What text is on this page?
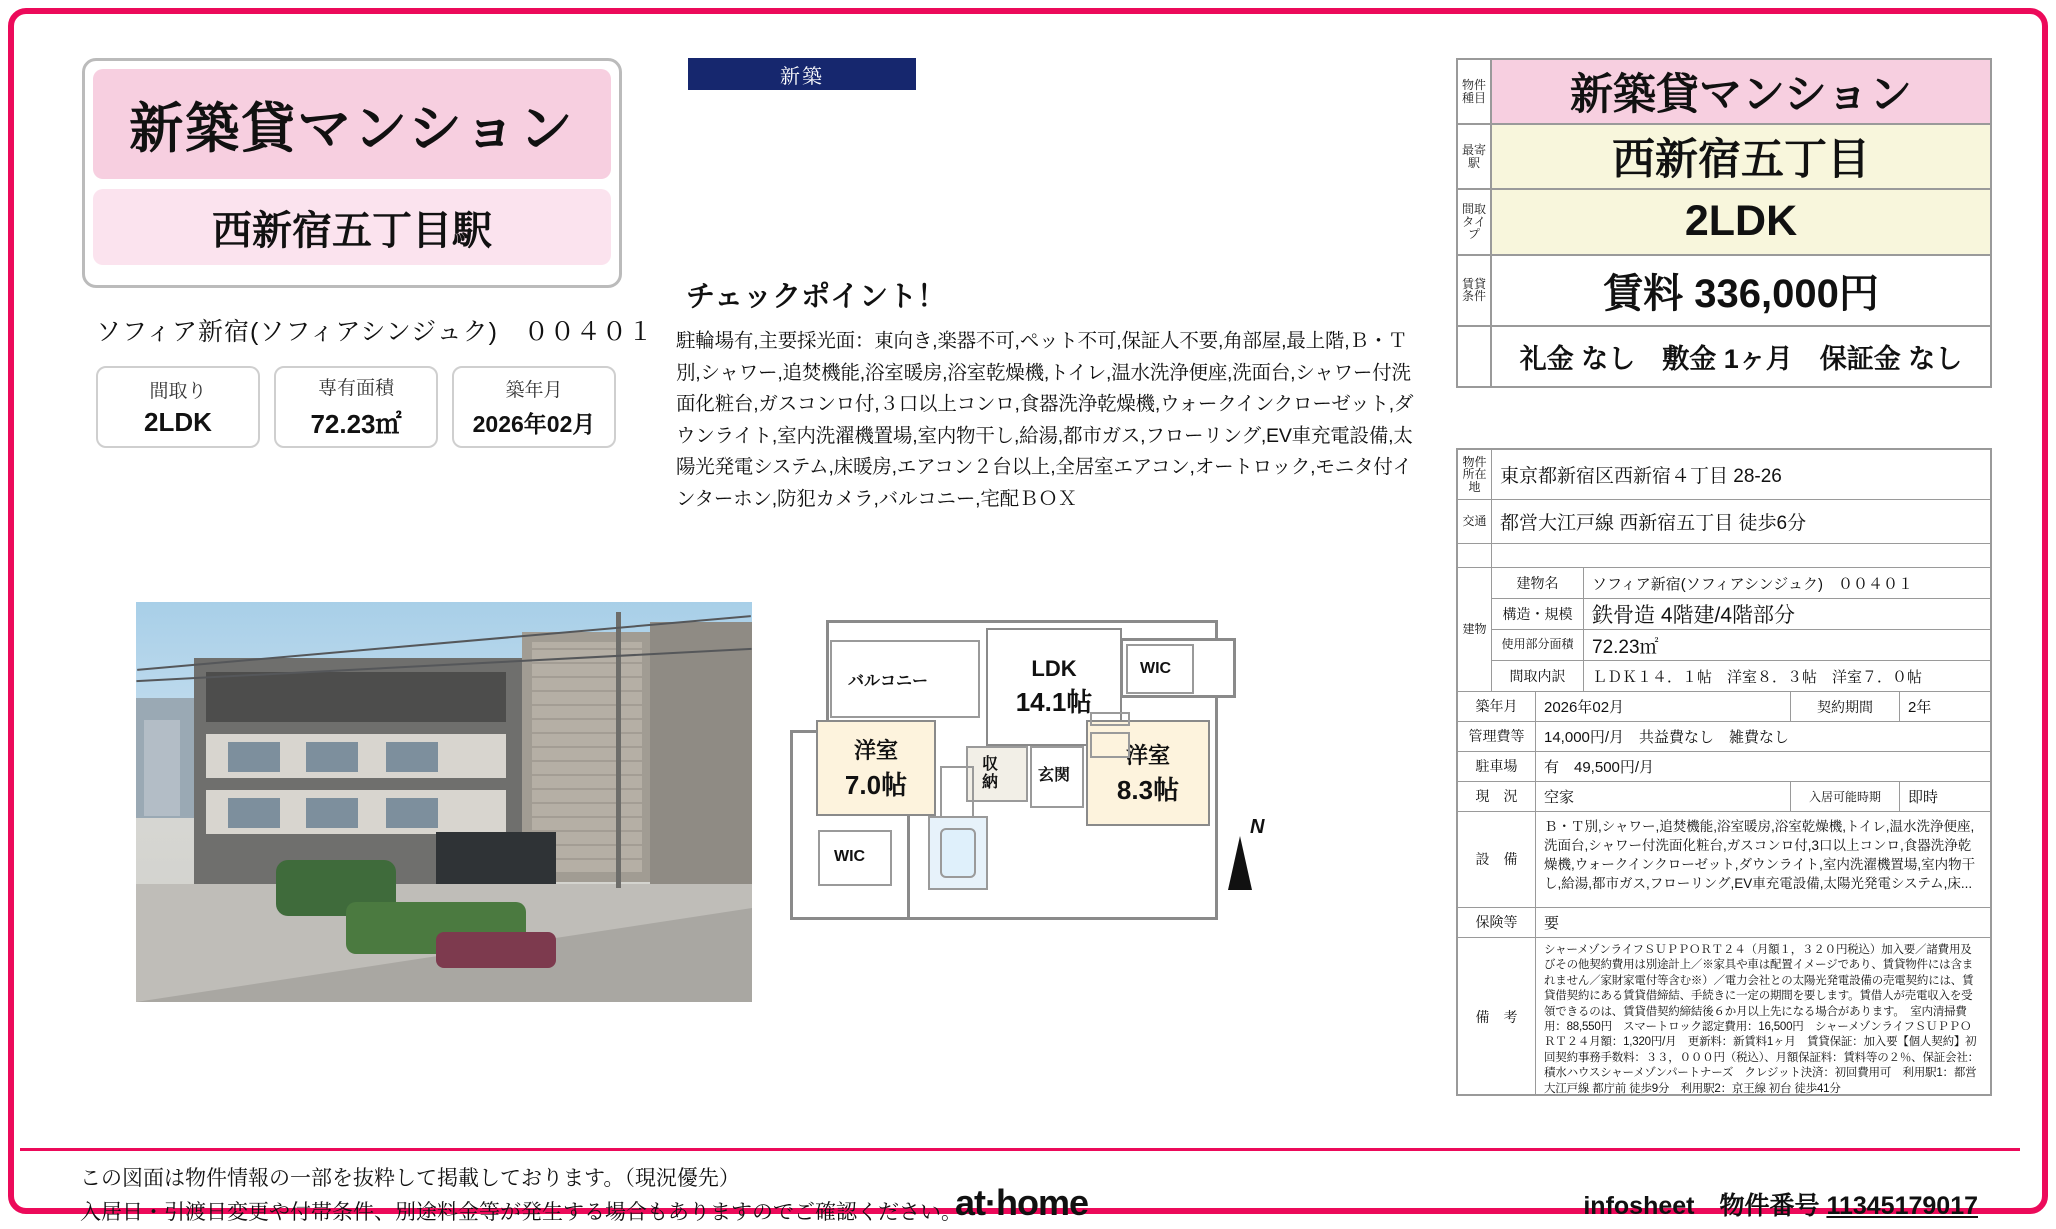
新築貸マンション
西新宿五丁目駅
ソフィア新宿(ソフィアシンジュク)　００４０１
間取り
2LDK
専有面積
72.23㎡
築年月
2026年02月
新築
チェックポイント！
駐輪場有,主要採光面：東向き,楽器不可,ペット不可,保証人不要,角部屋,最上階,Ｂ・Ｔ別,シャワー,追焚機能,浴室暖房,浴室乾燥機,トイレ,温水洗浄便座,洗面台,シャワー付洗面化粧台,ガスコンロ付,３口以上コンロ,食器洗浄乾燥機,ウォークインクローゼット,ダウンライト,室内洗濯機置場,室内物干し,給湯,都市ガス,フローリング,EV車充電設備,太陽光発電システム,床暖房,エアコン２台以上,全居室エアコン,オートロック,モニタ付インターホン,防犯カメラ,バルコニー,宅配ＢＯＸ
バルコニー
LDK
14.1帖
WIC
洋室
7.0帖
洋室
8.3帖
収納 玄関
WIC
N
物件種目	新築貸マンション
最寄駅	西新宿五丁目
間取タイプ	2LDK
賃貸条件	賃料 336,000円
礼金 なし　敷金 1ヶ月　保証金 なし
物件所在地	東京都新宿区西新宿４丁目 28-26
交通 都営大江戸線 西新宿五丁目 徒歩6分
建物
建物名	ソフィア新宿(ソフィアシンジュク)　００４０１
構造・規模 鉄骨造 4階建/4階部分
使用部分面積 72.23㎡
間取内訳	ＬＤＫ１４．１帖　洋室８．３帖　洋室７．０帖
築年月	2026年02月	契約期間	2年
管理費等	14,000円/月　共益費なし　雑費なし
駐車場	有　49,500円/月
現　況	空家	入居可能時期	即時
設　備
Ｂ・Ｔ別,シャワー,追焚機能,浴室暖房,浴室乾燥機,トイレ,温水洗浄便座,洗面台,シャワー付洗面化粧台,ガスコンロ付,3口以上コンロ,食器洗浄乾燥機,ウォークインクローゼット,ダウンライト,室内洗濯機置場,室内物干し,給湯,都市ガス,フローリング,EV車充電設備,太陽光発電システム,床...
保険等	要
備　考
シャーメゾンライフＳＵＰＰＯＲＴ２４（月額１，３２０円税込）加入要／諸費用及びその他契約費用は別途計上／※家具や車は配置イメージであり、賃貸物件には含まれません／家財家電付等含む※）／電力会社との太陽光発電設備の売電契約には、賃貸借契約にある賃貸借締結、手続きに一定の期間を要します。賃借人が売電収入を受領できるのは、賃貸借契約締結後６か月以上先になる場合があります。　室内清掃費用：88,550円　スマートロック認定費用：16,500円　シャーメゾンライフＳＵＰＰＯＲＴ２４月額：1,320円/月　更新料：新賃料1ヶ月　賃貸保証：加入要【個人契約】初回契約事務手数料：３３，０００円（税込）、月額保証料：賃料等の２％、保証会社：積水ハウスシャーメゾンパートナーズ　クレジット決済：初回費用可　利用駅1：都営大江戸線 都庁前 徒歩9分　利用駅2：京王線 初台 徒歩41分
この図面は物件情報の一部を抜粋して掲載しております。（現況優先）
入居日・引渡日変更や付帯条件、別途料金等が発生する場合もありますのでご確認ください。
at·home	infosheet　物件番号 11345179017
